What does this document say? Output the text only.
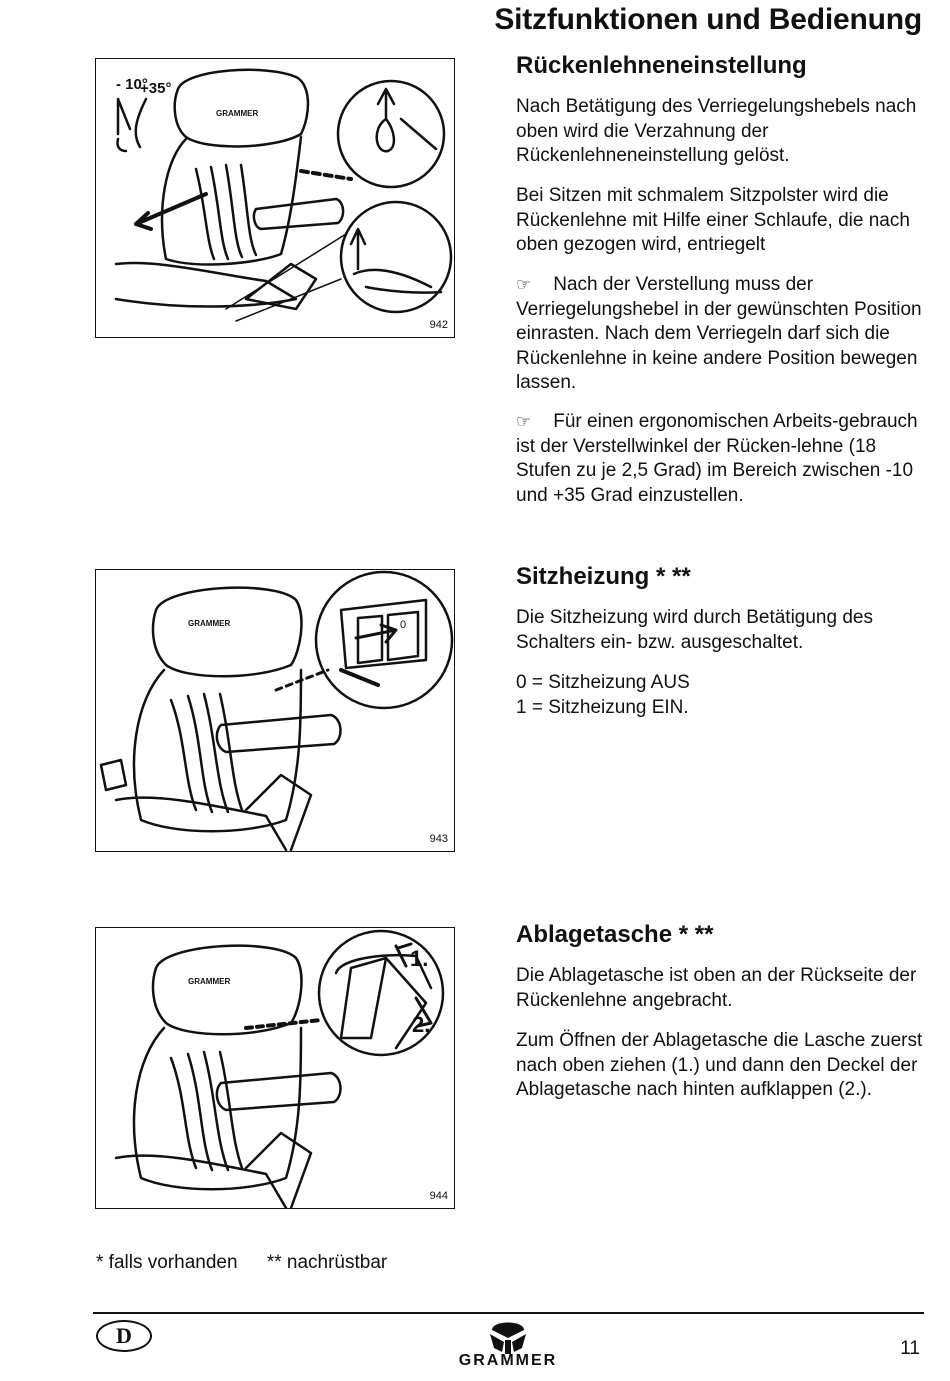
Sitzfunktionen und Bedienung
Rückenlehneneinstellung

Nach Betätigung des Verriegelungshebels nach oben wird die Verzahnung der Rückenlehneneinstellung gelöst.

Bei Sitzen mit schmalem Sitzpolster wird die Rückenlehne mit Hilfe einer Schlaufe, die nach oben gezogen wird, entriegelt

☞ Nach der Verstellung muss der Verriegelungshebel in der gewünschten Position einrasten. Nach dem Verriegeln darf sich die Rückenlehne in keine andere Position bewegen lassen.

☞ Für einen ergonomischen Arbeits-gebrauch ist der Verstellwinkel der Rücken-lehne (18 Stufen zu je 2,5 Grad) im Bereich zwischen -10 und +35 Grad einzustellen.

- 10°
+35°
GRAMMER
942
Sitzheizung * **

Die Sitzheizung wird durch Betätigung des Schalters ein- bzw. ausgeschaltet.

0 = Sitzheizung AUS

1 = Sitzheizung EIN.

GRAMMER	0
943
Ablagetasche * **

Die Ablagetasche ist oben an der Rückseite der Rückenlehne angebracht.

Zum Öffnen der Ablagetasche die Lasche zuerst nach oben ziehen (1.) und dann den Deckel der Ablagetasche nach hinten aufklappen (2.).

GRAMMER
1.
2.
944
* falls vorhanden ** nachrüstbar
D
GRAMMER
11
